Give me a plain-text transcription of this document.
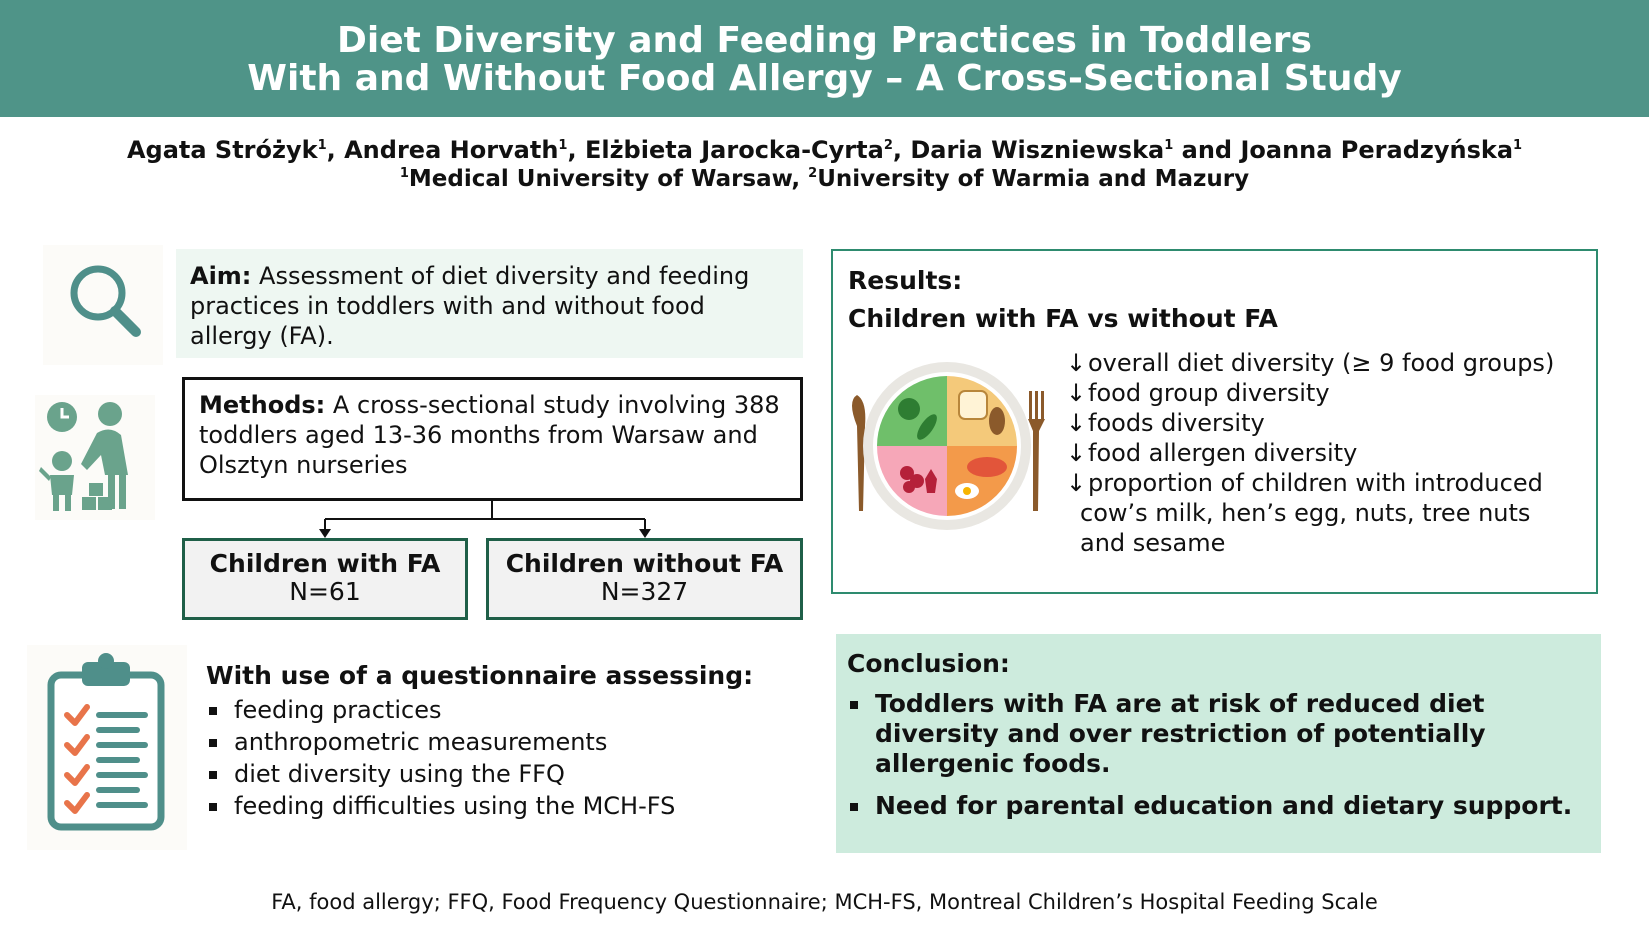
Diet Diversity and Feeding Practices in Toddlers
With and Without Food Allergy – A Cross-Sectional Study
Agata Stróżyk$^1$, Andrea Horvath$^1$, Elżbieta Jarocka-Cyrta$^2$, Daria Wiszniewska$^1$ and Joanna Peradzyńska$^1$
$^1$Medical University of Warsaw, $^2$University of Warmia and Mazury
Aim: Assessment of diet diversity and feeding practices in toddlers with and without food allergy (FA).
Methods: A cross-sectional study involving 388 toddlers aged 13-36 months from Warsaw and Olsztyn nurseries
Children with FA
N=61
Children without FA
N=327
With use of a questionnaire assessing:
feeding practices
anthropometric measurements
diet diversity using the FFQ
feeding difficulties using the MCH-FS
Results:
Children with FA vs without FA
↓overall diet diversity (≥ 9 food groups)
↓food group diversity
↓foods diversity
↓food allergen diversity
↓proportion of children with introduced
cow’s milk, hen’s egg, nuts, tree nuts
and sesame
Conclusion:
Toddlers with FA are at risk of reduced diet diversity and over restriction of potentially allergenic foods.
Need for parental education and dietary support.
FA, food allergy; FFQ, Food Frequency Questionnaire; MCH-FS, Montreal Children’s Hospital Feeding Scale
